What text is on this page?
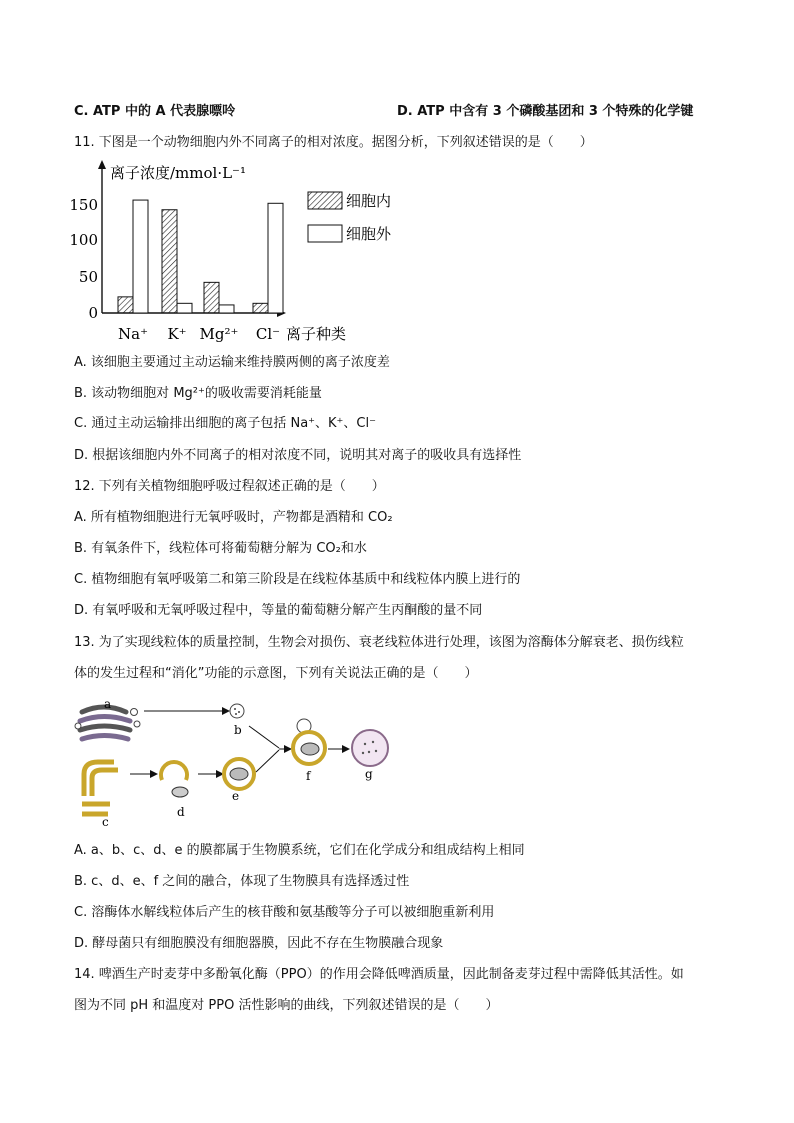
C. ATP 中的 A 代表腺嘌呤	D. ATP 中含有 3 个磷酸基团和 3 个特殊的化学键
11. 下图是一个动物细胞内外不同离子的相对浓度。据图分析，下列叙述错误的是（　　）
离子浓度/mmol·L⁻¹
离子种类
150
100
50
0
Na⁺ K⁺ Mg²⁺ Cl⁻
细胞内
细胞外
A. 该细胞主要通过主动运输来维持膜两侧的离子浓度差
B. 该动物细胞对 Mg²⁺的吸收需要消耗能量
C. 通过主动运输排出细胞的离子包括 Na⁺、K⁺、Cl⁻
D. 根据该细胞内外不同离子的相对浓度不同，说明其对离子的吸收具有选择性
12. 下列有关植物细胞呼吸过程叙述正确的是（　　）
A. 所有植物细胞进行无氧呼吸时，产物都是酒精和 CO₂
B. 有氧条件下，线粒体可将葡萄糖分解为 CO₂和水
C. 植物细胞有氧呼吸第二和第三阶段是在线粒体基质中和线粒体内膜上进行的
D. 有氧呼吸和无氧呼吸过程中，等量的葡萄糖分解产生丙酮酸的量不同
13. 为了实现线粒体的质量控制，生物会对损伤、衰老线粒体进行处理，该图为溶酶体分解衰老、损伤线粒
体的发生过程和“消化”功能的示意图，下列有关说法正确的是（　　）
a
b
c
d
e
f	g
A. a、b、c、d、e 的膜都属于生物膜系统，它们在化学成分和组成结构上相同
B. c、d、e、f 之间的融合，体现了生物膜具有选择透过性
C. 溶酶体水解线粒体后产生的核苷酸和氨基酸等分子可以被细胞重新利用
D. 酵母菌只有细胞膜没有细胞器膜，因此不存在生物膜融合现象
14. 啤酒生产时麦芽中多酚氧化酶（PPO）的作用会降低啤酒质量，因此制备麦芽过程中需降低其活性。如
图为不同 pH 和温度对 PPO 活性影响的曲线，下列叙述错误的是（　　）
